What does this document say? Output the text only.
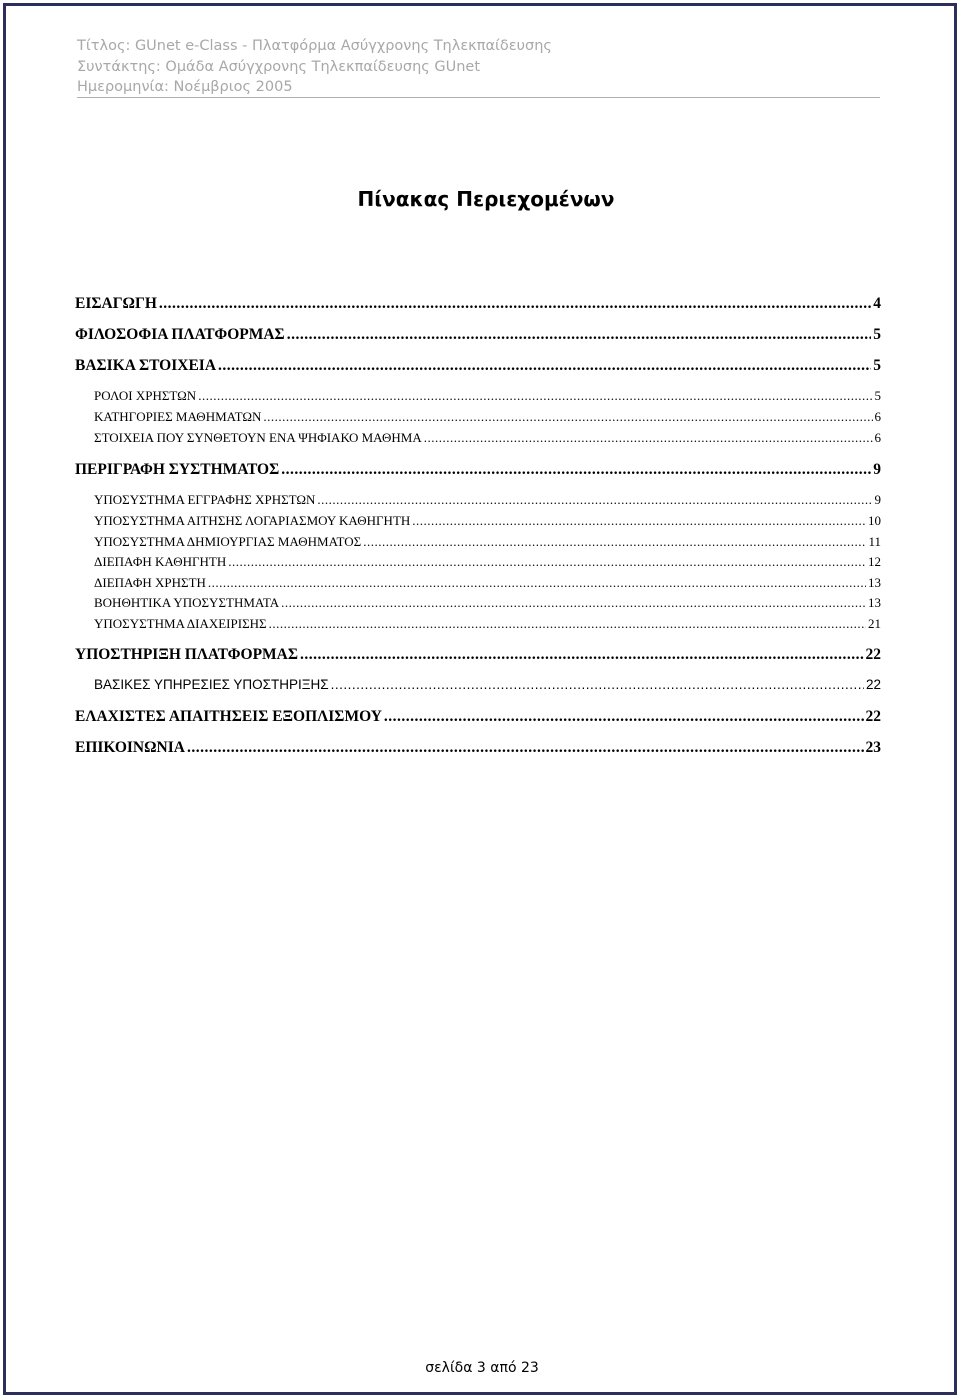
Τίτλος: GUnet e-Class - Πλατφόρμα Ασύγχρονης Τηλεκπαίδευσης
Συντάκτης: Ομάδα Ασύγχρονης Τηλεκπαίδευσης GUnet
Ημερομηνία: Νοέμβριος 2005
Πίνακας Περιεχομένων
ΕΙΣΑΓΩΓΗ .....	4
ΦΙΛΟΣΟΦΙΑ ΠΛΑΤΦΟΡΜΑΣ .....	5
ΒΑΣΙΚΑ ΣΤΟΙΧΕΙΑ .....	5
ΡΟΛΟΙ ΧΡΗΣΤΩΝ .....	5
ΚΑΤΗΓΟΡΙΕΣ ΜΑΘΗΜΑΤΩΝ .....	6
ΣΤΟΙΧΕΙΑ ΠΟΥ ΣΥΝΘΕΤΟΥΝ ΕΝΑ ΨΗΦΙΑΚΟ ΜΑΘΗΜΑ .....	6
ΠΕΡΙΓΡΑΦΗ ΣΥΣΤΗΜΑΤΟΣ .....	9
ΥΠΟΣΥΣΤΗΜΑ ΕΓΓΡΑΦΗΣ ΧΡΗΣΤΩΝ .....	9
ΥΠΟΣΥΣΤΗΜΑ ΑΙΤΗΣΗΣ ΛΟΓΑΡΙΑΣΜΟΥ ΚΑΘΗΓΗΤΗ .....	10
ΥΠΟΣΥΣΤΗΜΑ ΔΗΜΙΟΥΡΓΙΑΣ ΜΑΘΗΜΑΤΟΣ .....	11
ΔΙΕΠΑΦΗ ΚΑΘΗΓΗΤΗ .....	12
ΔΙΕΠΑΦΗ ΧΡΗΣΤΗ .....	13
ΒΟΗΘΗΤΙΚΑ ΥΠΟΣΥΣΤΗΜΑΤΑ .....	13
ΥΠΟΣΥΣΤΗΜΑ ΔΙΑΧΕΙΡΙΣΗΣ .....	21
ΥΠΟΣΤΗΡΙΞΗ ΠΛΑΤΦΟΡΜΑΣ .....	22
ΒΑΣΙΚΕΣ ΥΠΗΡΕΣΙΕΣ ΥΠΟΣΤΗΡΙΞΗΣ .....	22
ΕΛΑΧΙΣΤΕΣ ΑΠΑΙΤΗΣΕΙΣ ΕΞΟΠΛΙΣΜΟΥ .....	22
ΕΠΙΚΟΙΝΩΝΙΑ .....	23
σελίδα 3 από 23
